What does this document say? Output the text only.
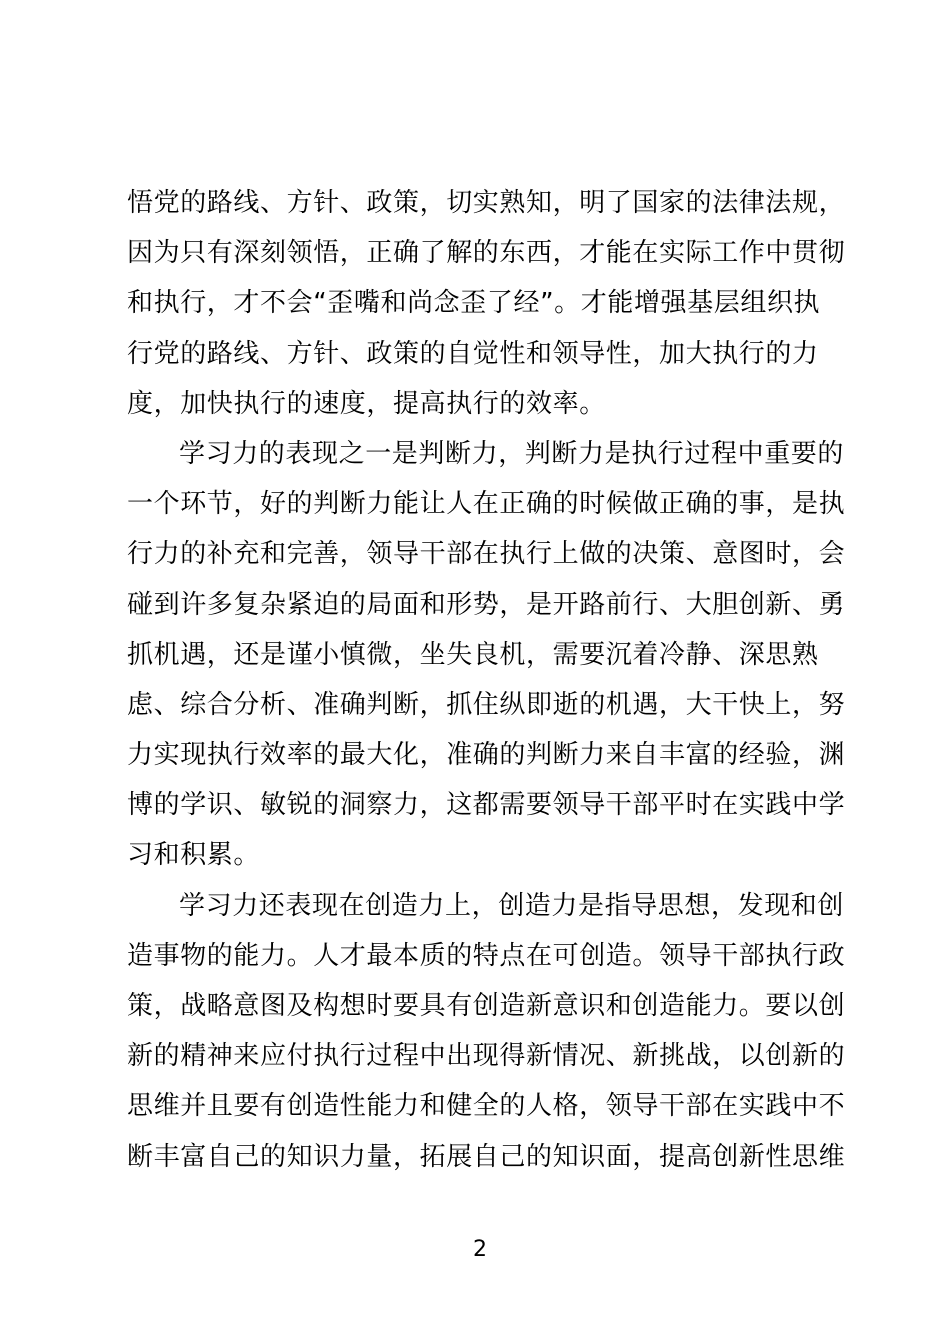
悟党的路线、方针、政策，切实熟知，明了国家的法律法规，
因为只有深刻领悟，正确了解的东西，才能在实际工作中贯彻
和执行，才不会“歪嘴和尚念歪了经”。才能增强基层组织执
行党的路线、方针、政策的自觉性和领导性，加大执行的力
度，加快执行的速度，提高执行的效率。
学习力的表现之一是判断力，判断力是执行过程中重要的
一个环节，好的判断力能让人在正确的时候做正确的事，是执
行力的补充和完善，领导干部在执行上做的决策、意图时，会
碰到许多复杂紧迫的局面和形势，是开路前行、大胆创新、勇
抓机遇，还是谨小慎微，坐失良机，需要沉着冷静、深思熟
虑、综合分析、准确判断，抓住纵即逝的机遇，大干快上，努
力实现执行效率的最大化，准确的判断力来自丰富的经验，渊
博的学识、敏锐的洞察力，这都需要领导干部平时在实践中学
习和积累。
学习力还表现在创造力上，创造力是指导思想，发现和创
造事物的能力。人才最本质的特点在可创造。领导干部执行政
策，战略意图及构想时要具有创造新意识和创造能力。要以创
新的精神来应付执行过程中出现得新情况、新挑战，以创新的
思维并且要有创造性能力和健全的人格，领导干部在实践中不
断丰富自己的知识力量，拓展自己的知识面，提高创新性思维
2
